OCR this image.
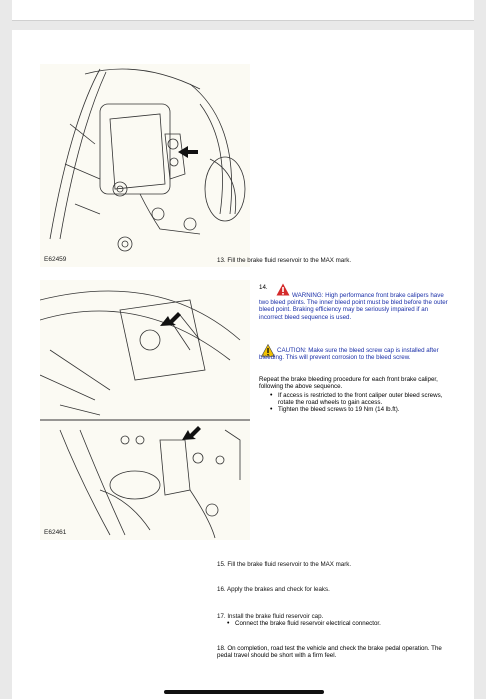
E62459	13. Fill the brake fluid reservoir to the MAX mark.
E62461
14.
WARNING: High performance front brake calipers have two bleed points. The inner bleed point must be bled before the outer bleed point. Braking efficiency may be seriously impaired if an incorrect bleed sequence is used.
CAUTION: Make sure the bleed screw cap is installed after bleeding. This will prevent corrosion to the bleed screw.
Repeat the brake bleeding procedure for each front brake caliper, following the above sequence.
• If access is restricted to the front caliper outer bleed screws, rotate the road wheels to gain access.
• Tighten the bleed screws to 19 Nm (14 lb.ft).
15. Fill the brake fluid reservoir to the MAX mark.
16. Apply the brakes and check for leaks.
17. Install the brake fluid reservoir cap.
• Connect the brake fluid reservoir electrical connector.
18. On completion, road test the vehicle and check the brake pedal operation. The pedal travel should be short with a firm feel.
